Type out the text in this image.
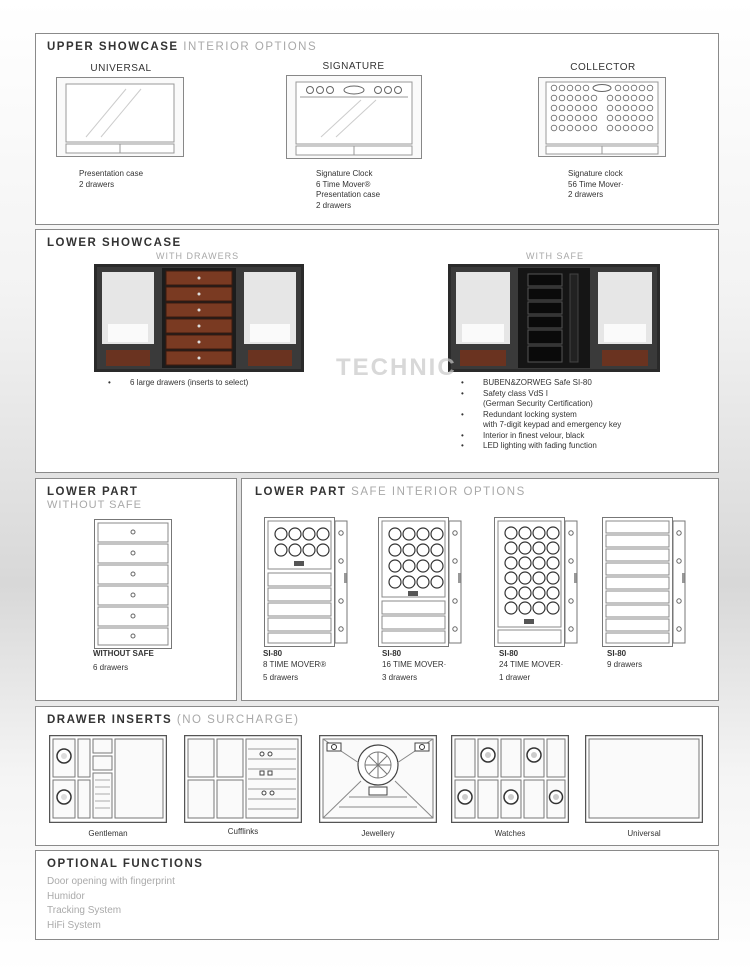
UPPER SHOWCASE INTERIOR OPTIONS
UNIVERSAL
Presentation case
2 drawers
SIGNATURE
Signature Clock
6 Time Mover®
Presentation case
2 drawers
COLLECTOR
Signature clock
56 Time Mover·
2 drawers
LOWER SHOWCASE
WITH DRAWERS	WITH SAFE
TECHNIC
• 6 large drawers (inserts to select)
•	BUBEN&ZORWEG Safe SI-80
• Safety class VdS I
(German Security Certification)
• Redundant locking system
with 7-digit keypad and emergency key
• Interior in finest velour, black
• LED lighting with fading function
LOWER PART
WITHOUT SAFE
WITHOUT SAFE
6 drawers
LOWER PART SAFE INTERIOR OPTIONS
SI-80
8 TIME MOVER®
5 drawers
SI-80
16 TIME MOVER·
3 drawers
SI-80
24 TIME MOVER·
1 drawer
SI-80
9 drawers
DRAWER INSERTS (NO SURCHARGE)
Gentleman	Cufflinks	Jewellery	Watches	Universal
OPTIONAL FUNCTIONS
Door opening with fingerprint
Humidor
Tracking System
HiFi System
